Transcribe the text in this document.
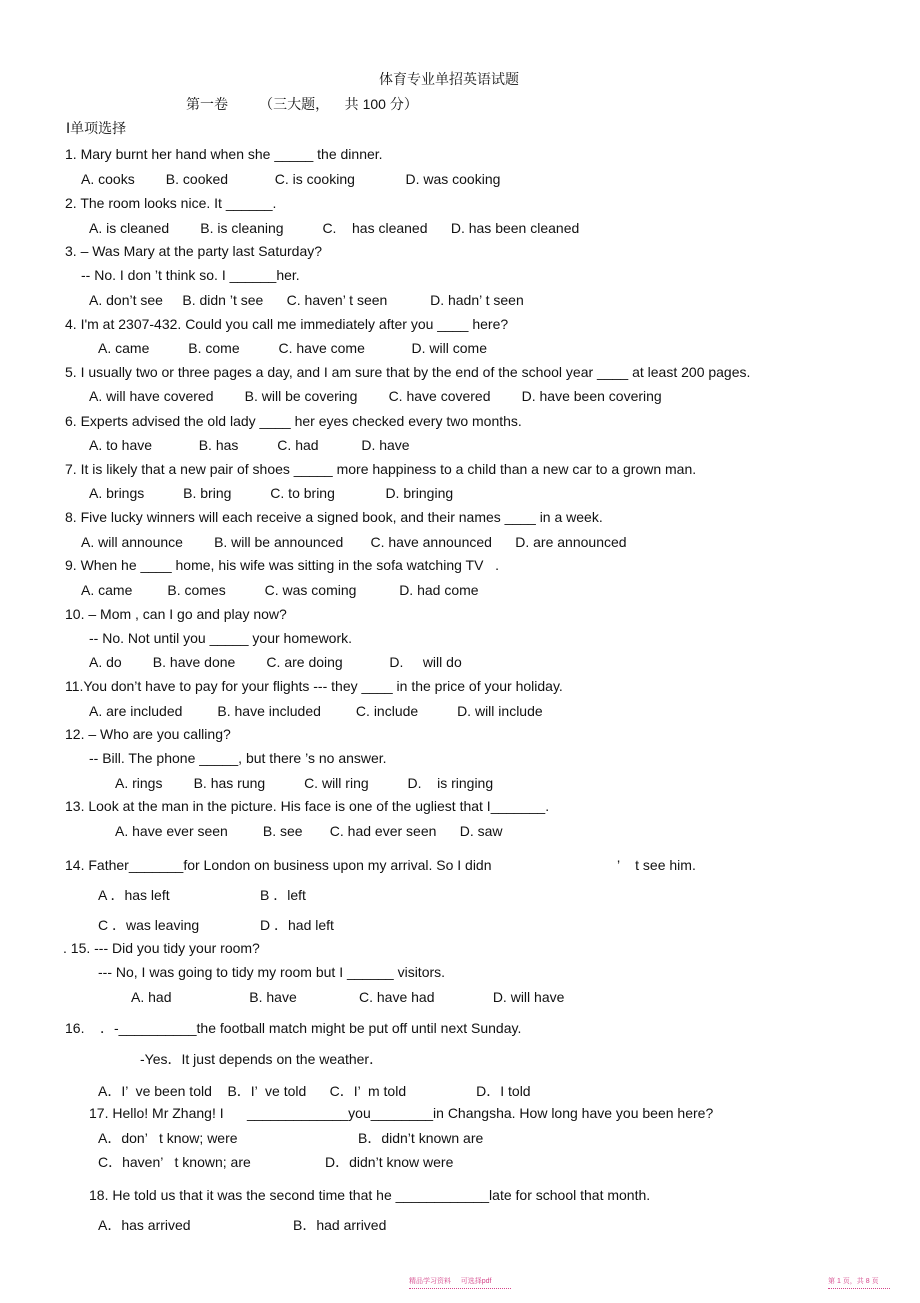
体育专业单招英语试题
第一卷        （三大题，    共 100 分）
Ⅰ单项选择
1. Mary burnt her hand when she _____ the dinner.
A. cooks        B. cooked            C. is cooking             D. was cooking
2. The room looks nice. It ______.
A. is cleaned        B. is cleaning          C.    has cleaned      D. has been cleaned
3. – Was Mary at the party last Saturday?
-- No. I don ’t think so. I ______her.
A. don’t see     B. didn ’t see      C. haven’ t seen           D. hadn’ t seen
4. I'm at 2307-432. Could you call me immediately after you ____ here?
A. came          B. come          C. have come            D. will come
5. I usually two or three pages a day, and I am sure that by the end of the school year ____ at least 200 pages.
A. will have covered        B. will be covering        C. have covered        D. have been covering
6. Experts advised the old lady ____ her eyes checked every two months.
A. to have            B. has          C. had           D. have
7. It is likely that a new pair of shoes _____ more happiness to a child than a new car to a grown man.
A. brings          B. bring          C. to bring             D. bringing
8. Five lucky winners will each receive a signed book, and their names ____ in a week.
A. will announce        B. will be announced       C. have announced      D. are announced
9. When he ____ home, his wife was sitting in the sofa watching TV   .
A. came         B. comes          C. was coming           D. had come
10. – Mom , can I go and play now?
-- No. Not until you _____ your homework.
A. do        B. have done        C. are doing            D.     will do
11.You don’t have to pay for your flights --- they ____ in the price of your holiday.
A. are included         B. have included         C. include          D. will include
12. – Who are you calling?
-- Bill. The phone _____, but there ’s no answer.
A. rings        B. has rung          C. will ring          D.    is ringing
13. Look at the man in the picture. His face is one of the ugliest that I_______.
A. have ever seen         B. see       C. had ever seen      D. saw
14. Father_______for London on business upon my arrival. So I didn	’    t see him.
A ．has left	B ．left
C ．was leaving	D ．had left
. 15. --- Did you tidy your room?
--- No, I was going to tidy my room but I ______ visitors.
A. had                    B. have                C. have had               D. will have
16.    ．-__________the football match might be put off until next Sunday.
-Yes．It just depends on the weather．
A．I’  ve been told    B．I’  ve told      C．I’  m told                  D．I told
17. Hello! Mr Zhang! I      _____________you________in Changsha. How long have you been here?
A．don’   t know; were	B．didn’t known are
C．haven’   t known; are	D．didn’t know were
18. He told us that it was the second time that he ____________late for school that month.
A．has arrived	B．had arrived
精品学习资料     可选择pdf	第 1 页，共 8 页
